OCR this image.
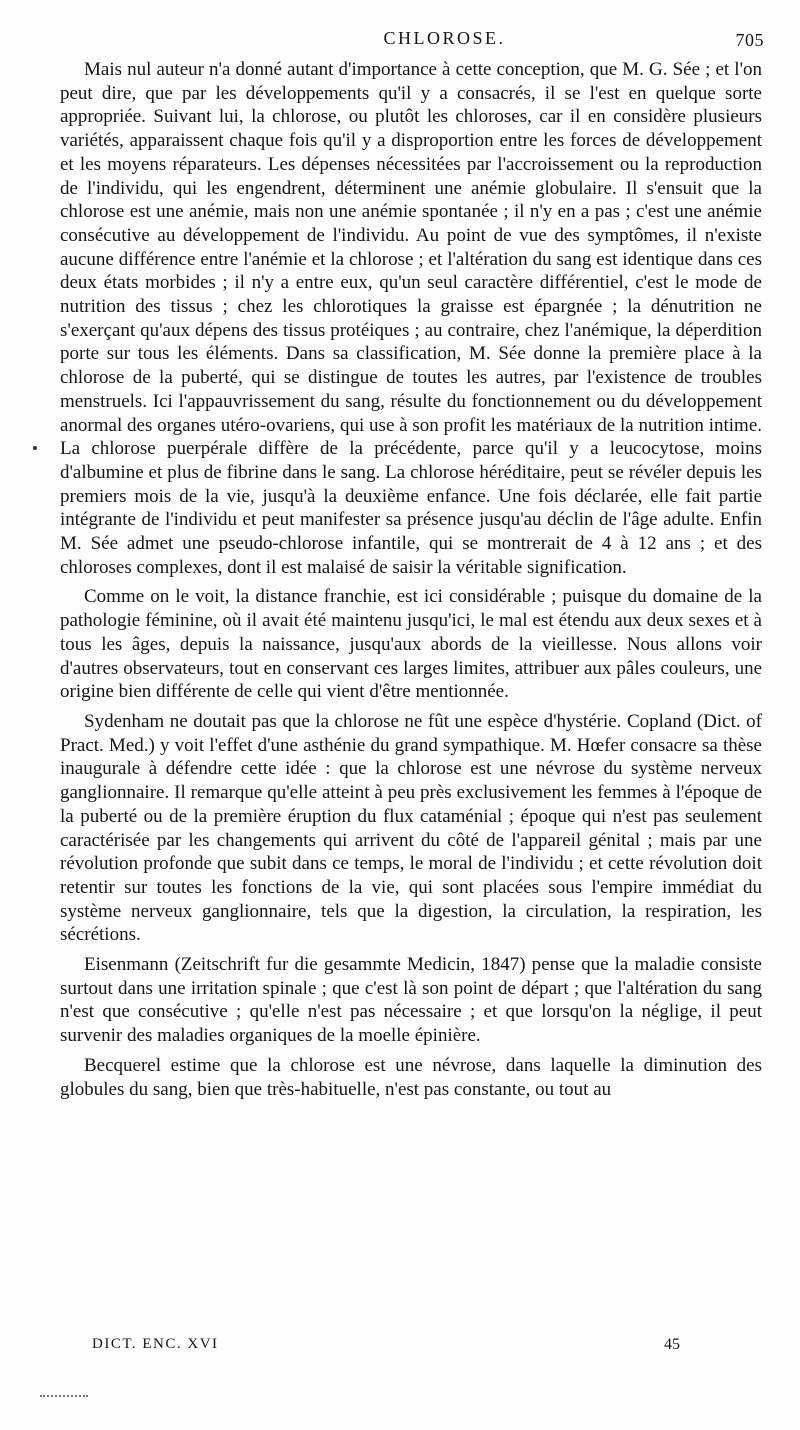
CHLOROSE.	705

Mais nul auteur n'a donné autant d'importance à cette conception, que M. G. Sée ; et l'on peut dire, que par les développements qu'il y a consacrés, il se l'est en quelque sorte appropriée. Suivant lui, la chlorose, ou plutôt les chloroses, car il en considère plusieurs variétés, apparaissent chaque fois qu'il y a disproportion entre les forces de développement et les moyens réparateurs. Les dépenses nécessitées par l'accroissement ou la reproduction de l'individu, qui les engendrent, déterminent une anémie globulaire. Il s'ensuit que la chlorose est une anémie, mais non une anémie spontanée ; il n'y en a pas ; c'est une anémie consécutive au développement de l'individu. Au point de vue des symptômes, il n'existe aucune différence entre l'anémie et la chlorose ; et l'altération du sang est identique dans ces deux états morbides ; il n'y a entre eux, qu'un seul caractère différentiel, c'est le mode de nutrition des tissus ; chez les chlorotiques la graisse est épargnée ; la dénutrition ne s'exerçant qu'aux dépens des tissus protéiques ; au contraire, chez l'anémique, la déperdition porte sur tous les éléments. Dans sa classification, M. Sée donne la première place à la chlorose de la puberté, qui se distingue de toutes les autres, par l'existence de troubles menstruels. Ici l'appauvrissement du sang, résulte du fonctionnement ou du développement anormal des organes utéro-ovariens, qui use à son profit les matériaux de la nutrition intime. La chlorose puerpérale diffère de la précédente, parce qu'il y a leucocytose, moins d'albumine et plus de fibrine dans le sang. La chlorose héréditaire, peut se révéler depuis les premiers mois de la vie, jusqu'à la deuxième enfance. Une fois déclarée, elle fait partie intégrante de l'individu et peut manifester sa présence jusqu'au déclin de l'âge adulte. Enfin M. Sée admet une pseudo-chlorose infantile, qui se montrerait de 4 à 12 ans ; et des chloroses complexes, dont il est malaisé de saisir la véritable signification.

Comme on le voit, la distance franchie, est ici considérable ; puisque du domaine de la pathologie féminine, où il avait été maintenu jusqu'ici, le mal est étendu aux deux sexes et à tous les âges, depuis la naissance, jusqu'aux abords de la vieillesse. Nous allons voir d'autres observateurs, tout en conservant ces larges limites, attribuer aux pâles couleurs, une origine bien différente de celle qui vient d'être mentionnée.

Sydenham ne doutait pas que la chlorose ne fût une espèce d'hystérie. Copland (Dict. of Pract. Med.) y voit l'effet d'une asthénie du grand sympathique. M. Hœfer consacre sa thèse inaugurale à défendre cette idée : que la chlorose est une névrose du système nerveux ganglionnaire. Il remarque qu'elle atteint à peu près exclusivement les femmes à l'époque de la puberté ou de la première éruption du flux cataménial ; époque qui n'est pas seulement caractérisée par les changements qui arrivent du côté de l'appareil génital ; mais par une révolution profonde que subit dans ce temps, le moral de l'individu ; et cette révolution doit retentir sur toutes les fonctions de la vie, qui sont placées sous l'empire immédiat du système nerveux ganglionnaire, tels que la digestion, la circulation, la respiration, les sécrétions.

Eisenmann (Zeitschrift fur die gesammte Medicin, 1847) pense que la maladie consiste surtout dans une irritation spinale ; que c'est là son point de départ ; que l'altération du sang n'est que consécutive ; qu'elle n'est pas nécessaire ; et que lorsqu'on la néglige, il peut survenir des maladies organiques de la moelle épinière.

Becquerel estime que la chlorose est une névrose, dans laquelle la diminution des globules du sang, bien que très-habituelle, n'est pas constante, ou tout au

DICT. ENC. XVI	45
